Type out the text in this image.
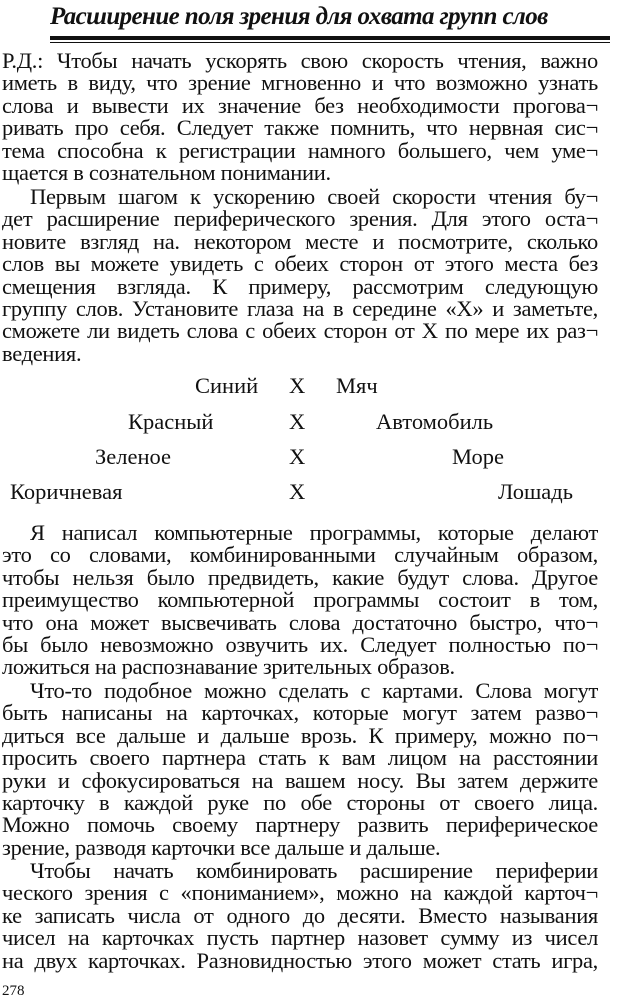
Расширение поля зрения для охвата групп слов
Р.Д.: Чтобы начать ускорять свою скорость чтения, важно
иметь в виду, что зрение мгновенно и что возможно узнать
слова и вывести их значение без необходимости прогова¬
ривать про себя. Следует также помнить, что нервная сис¬
тема способна к регистрации намного большего, чем уме¬
щается в сознательном понимании.
Первым шагом к ускорению своей скорости чтения бу¬
дет расширение периферического зрения. Для этого оста¬
новите взгляд на. некотором месте и посмотрите, сколько
слов вы можете увидеть с обеих сторон от этого места без
смещения взгляда. К примеру, рассмотрим следующую
группу слов. Установите глаза на в середине «X» и заметьте,
сможете ли видеть слова с обеих сторон от X по мере их раз¬
ведения.
Синий X Мяч
Красный	X	Автомобиль
Зеленое	X	Море
Коричневая	X	Лошадь
Я написал компьютерные программы, которые делают
это со словами, комбинированными случайным образом,
чтобы нельзя было предвидеть, какие будут слова. Другое
преимущество компьютерной программы состоит в том,
что она может высвечивать слова достаточно быстро, что¬
бы было невозможно озвучить их. Следует полностью по¬
ложиться на распознавание зрительных образов.
Что-то подобное можно сделать с картами. Слова могут
быть написаны на карточках, которые могут затем разво¬
диться все дальше и дальше врозь. К примеру, можно по¬
просить своего партнера стать к вам лицом на расстоянии
руки и сфокусироваться на вашем носу. Вы затем держите
карточку в каждой руке по обе стороны от своего лица.
Можно помочь своему партнеру развить периферическое
зрение, разводя карточки все дальше и дальше.
Чтобы начать комбинировать расширение периферии
ческого зрения с «пониманием», можно на каждой карточ¬
ке записать числа от одного до десяти. Вместо называния
чисел на карточках пусть партнер назовет сумму из чисел
на двух карточках. Разновидностью этого может стать игра,
278
